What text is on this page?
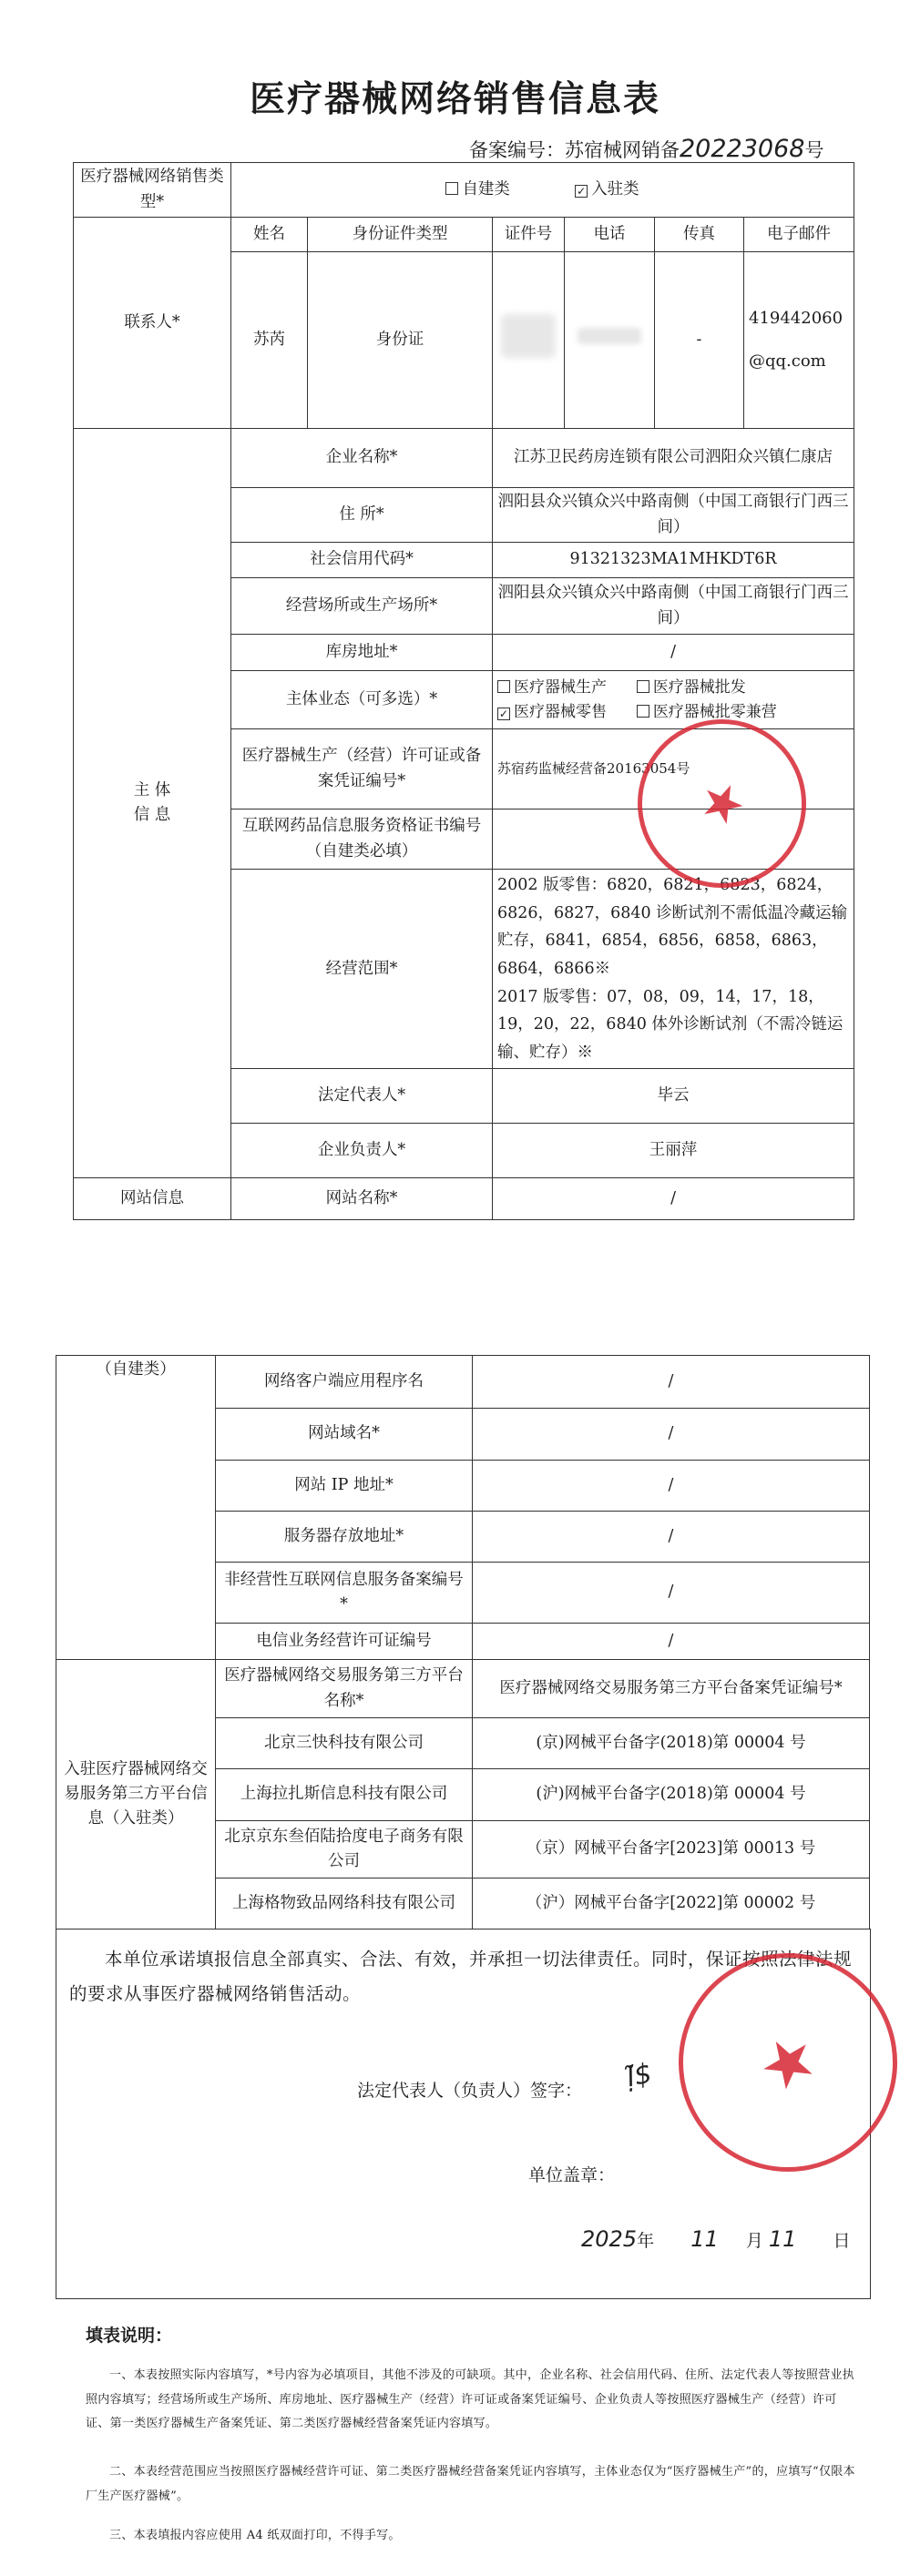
医疗器械网络销售信息表
备案编号：苏宿械网销备20223068号
医疗器械网络销售类型*	自建类 ✓ 入驻类					
联系人*	姓名	身份证件类型	证件号	电话	传真	电子邮件
	苏芮	身份证			-	419442060@qq.com

主 体
信 息	企业名称*		江苏卫民药房连锁有限公司泗阳众兴镇仁康店			
	住 所*		泗阳县众兴镇众兴中路南侧（中国工商银行门西三间）			
	社会信用代码*		91321323MA1MHKDT6R			
	经营场所或生产场所*		泗阳县众兴镇众兴中路南侧（中国工商银行门西三间）			
	库房地址*		/			
	主体业态（可多选）*		医疗器械生产 医疗器械批发
✓ 医疗器械零售 医疗器械批零兼营			

	医疗器械生产（经营）许可证或备案凭证编号*		苏宿药监械经营备20163054号			
	互联网药品信息服务资格证书编号（自建类必填）					
	经营范围*		2002 版零售：6820，6821，6823，6824，6826，6827，6840 诊断试剂不需低温冷藏运输贮存，6841，6854，6856，6858，6863，6864，6866※
2017 版零售：07，08，09，14，17，18，19，20，22，6840 体外诊断试剂（不需冷链运输、贮存）※			

	法定代表人*		毕云			
	企业负责人*		王丽萍			
网站信息	网站名称*		/			
★
（自建类）	网络客户端应用程序名	/
	网站域名*	/
	网站 IP 地址*	/
	服务器存放地址*	/
	非经营性互联网信息服务备案编号*	/
	电信业务经营许可证编号	/
入驻医疗器械网络交易服务第三方平台信息（入驻类）	医疗器械网络交易服务第三方平台名称*	医疗器械网络交易服务第三方平台备案凭证编号*
	北京三快科技有限公司	(京)网械平台备字(2018)第 00004 号
	上海拉扎斯信息科技有限公司	(沪)网械平台备字(2018)第 00004 号
	北京京东叁佰陆拾度电子商务有限公司	（京）网械平台备字[2023]第 00013 号
	上海格物致品网络科技有限公司	（沪）网械平台备字[2022]第 00002 号
本单位承诺填报信息全部真实、合法、有效，并承担一切法律责任。同时，保证按照法律法规的要求从事医疗器械网络销售活动。
法定代表人（负责人）签字： ḷ̃$
单位盖章：
2025年 11 月 11 日
★
填表说明：
一、本表按照实际内容填写，*号内容为必填项目，其他不涉及的可缺项。其中，企业名称、社会信用代码、住所、法定代表人等按照营业执照内容填写；经营场所或生产场所、库房地址、医疗器械生产（经营）许可证或备案凭证编号、企业负责人等按照医疗器械生产（经营）许可证、第一类医疗器械生产备案凭证、第二类医疗器械经营备案凭证内容填写。
二、本表经营范围应当按照医疗器械经营许可证、第二类医疗器械经营备案凭证内容填写，主体业态仅为“医疗器械生产”的，应填写“仅限本厂生产医疗器械”。
三、本表填报内容应使用 A4 纸双面打印，不得手写。
